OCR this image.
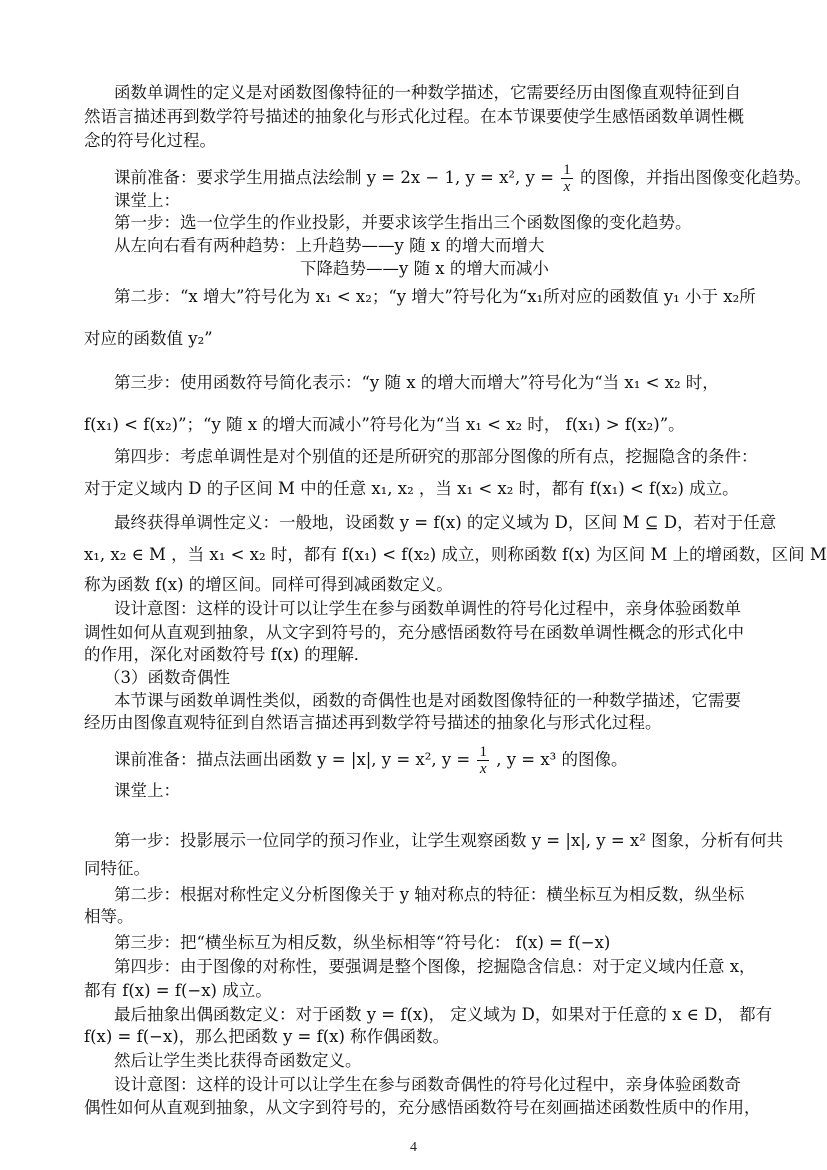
函数单调性的定义是对函数图像特征的一种数学描述，它需要经历由图像直观特征到自
然语言描述再到数学符号描述的抽象化与形式化过程。在本节课要使学生感悟函数单调性概
念的符号化过程。
课前准备：要求学生用描点法绘制 y = 2x − 1, y = x², $y = \frac{1}{x}$ 的图像，并指出图像变化趋势。
课堂上：
第一步：选一位学生的作业投影，并要求该学生指出三个函数图像的变化趋势。
从左向右看有两种趋势：上升趋势——y 随 x 的增大而增大
下降趋势——y 随 x 的增大而减小
第二步：“x 增大”符号化为 x₁ < x₂；“y 增大”符号化为“x₁所对应的函数值 y₁ 小于 x₂所
对应的函数值 y₂”
第三步：使用函数符号简化表示：“y 随 x 的增大而增大”符号化为“当 x₁ < x₂ 时，
f(x₁) < f(x₂)”；“y 随 x 的增大而减小”符号化为“当 x₁ < x₂ 时， f(x₁) > f(x₂)”。
第四步：考虑单调性是对个别值的还是所研究的那部分图像的所有点，挖掘隐含的条件：
对于定义域内 D 的子区间 M 中的任意 x₁, x₂ ，当 x₁ < x₂ 时，都有 f(x₁) < f(x₂) 成立。
最终获得单调性定义：一般地，设函数 y = f(x) 的定义域为 D，区间 M ⊆ D，若对于任意
x₁, x₂ ∈ M ，当 x₁ < x₂ 时，都有 f(x₁) < f(x₂) 成立，则称函数 f(x) 为区间 M 上的增函数，区间 M
称为函数 f(x) 的增区间。同样可得到减函数定义。
设计意图：这样的设计可以让学生在参与函数单调性的符号化过程中，亲身体验函数单
调性如何从直观到抽象，从文字到符号的，充分感悟函数符号在函数单调性概念的形式化中
的作用，深化对函数符号 f(x) 的理解．
（3）函数奇偶性
本节课与函数单调性类似，函数的奇偶性也是对函数图像特征的一种数学描述，它需要
经历由图像直观特征到自然语言描述再到数学符号描述的抽象化与形式化过程。
课前准备：描点法画出函数 y = |x|, y = x², $y = \frac{1}{x}$ , y = x³ 的图像。
课堂上：
第一步：投影展示一位同学的预习作业，让学生观察函数 y = |x|, y = x² 图象，分析有何共
同特征。
第二步：根据对称性定义分析图像关于 y 轴对称点的特征：横坐标互为相反数，纵坐标
相等。
第三步：把“横坐标互为相反数，纵坐标相等“符号化： f(x) = f(−x)
第四步：由于图像的对称性，要强调是整个图像，挖掘隐含信息：对于定义域内任意 x，
都有 f(x) = f(−x) 成立。
最后抽象出偶函数定义：对于函数 y = f(x)， 定义域为 D，如果对于任意的 x ∈ D， 都有
f(x) = f(−x)，那么把函数 y = f(x) 称作偶函数。
然后让学生类比获得奇函数定义。
设计意图：这样的设计可以让学生在参与函数奇偶性的符号化过程中，亲身体验函数奇
偶性如何从直观到抽象，从文字到符号的，充分感悟函数符号在刻画描述函数性质中的作用，
4
